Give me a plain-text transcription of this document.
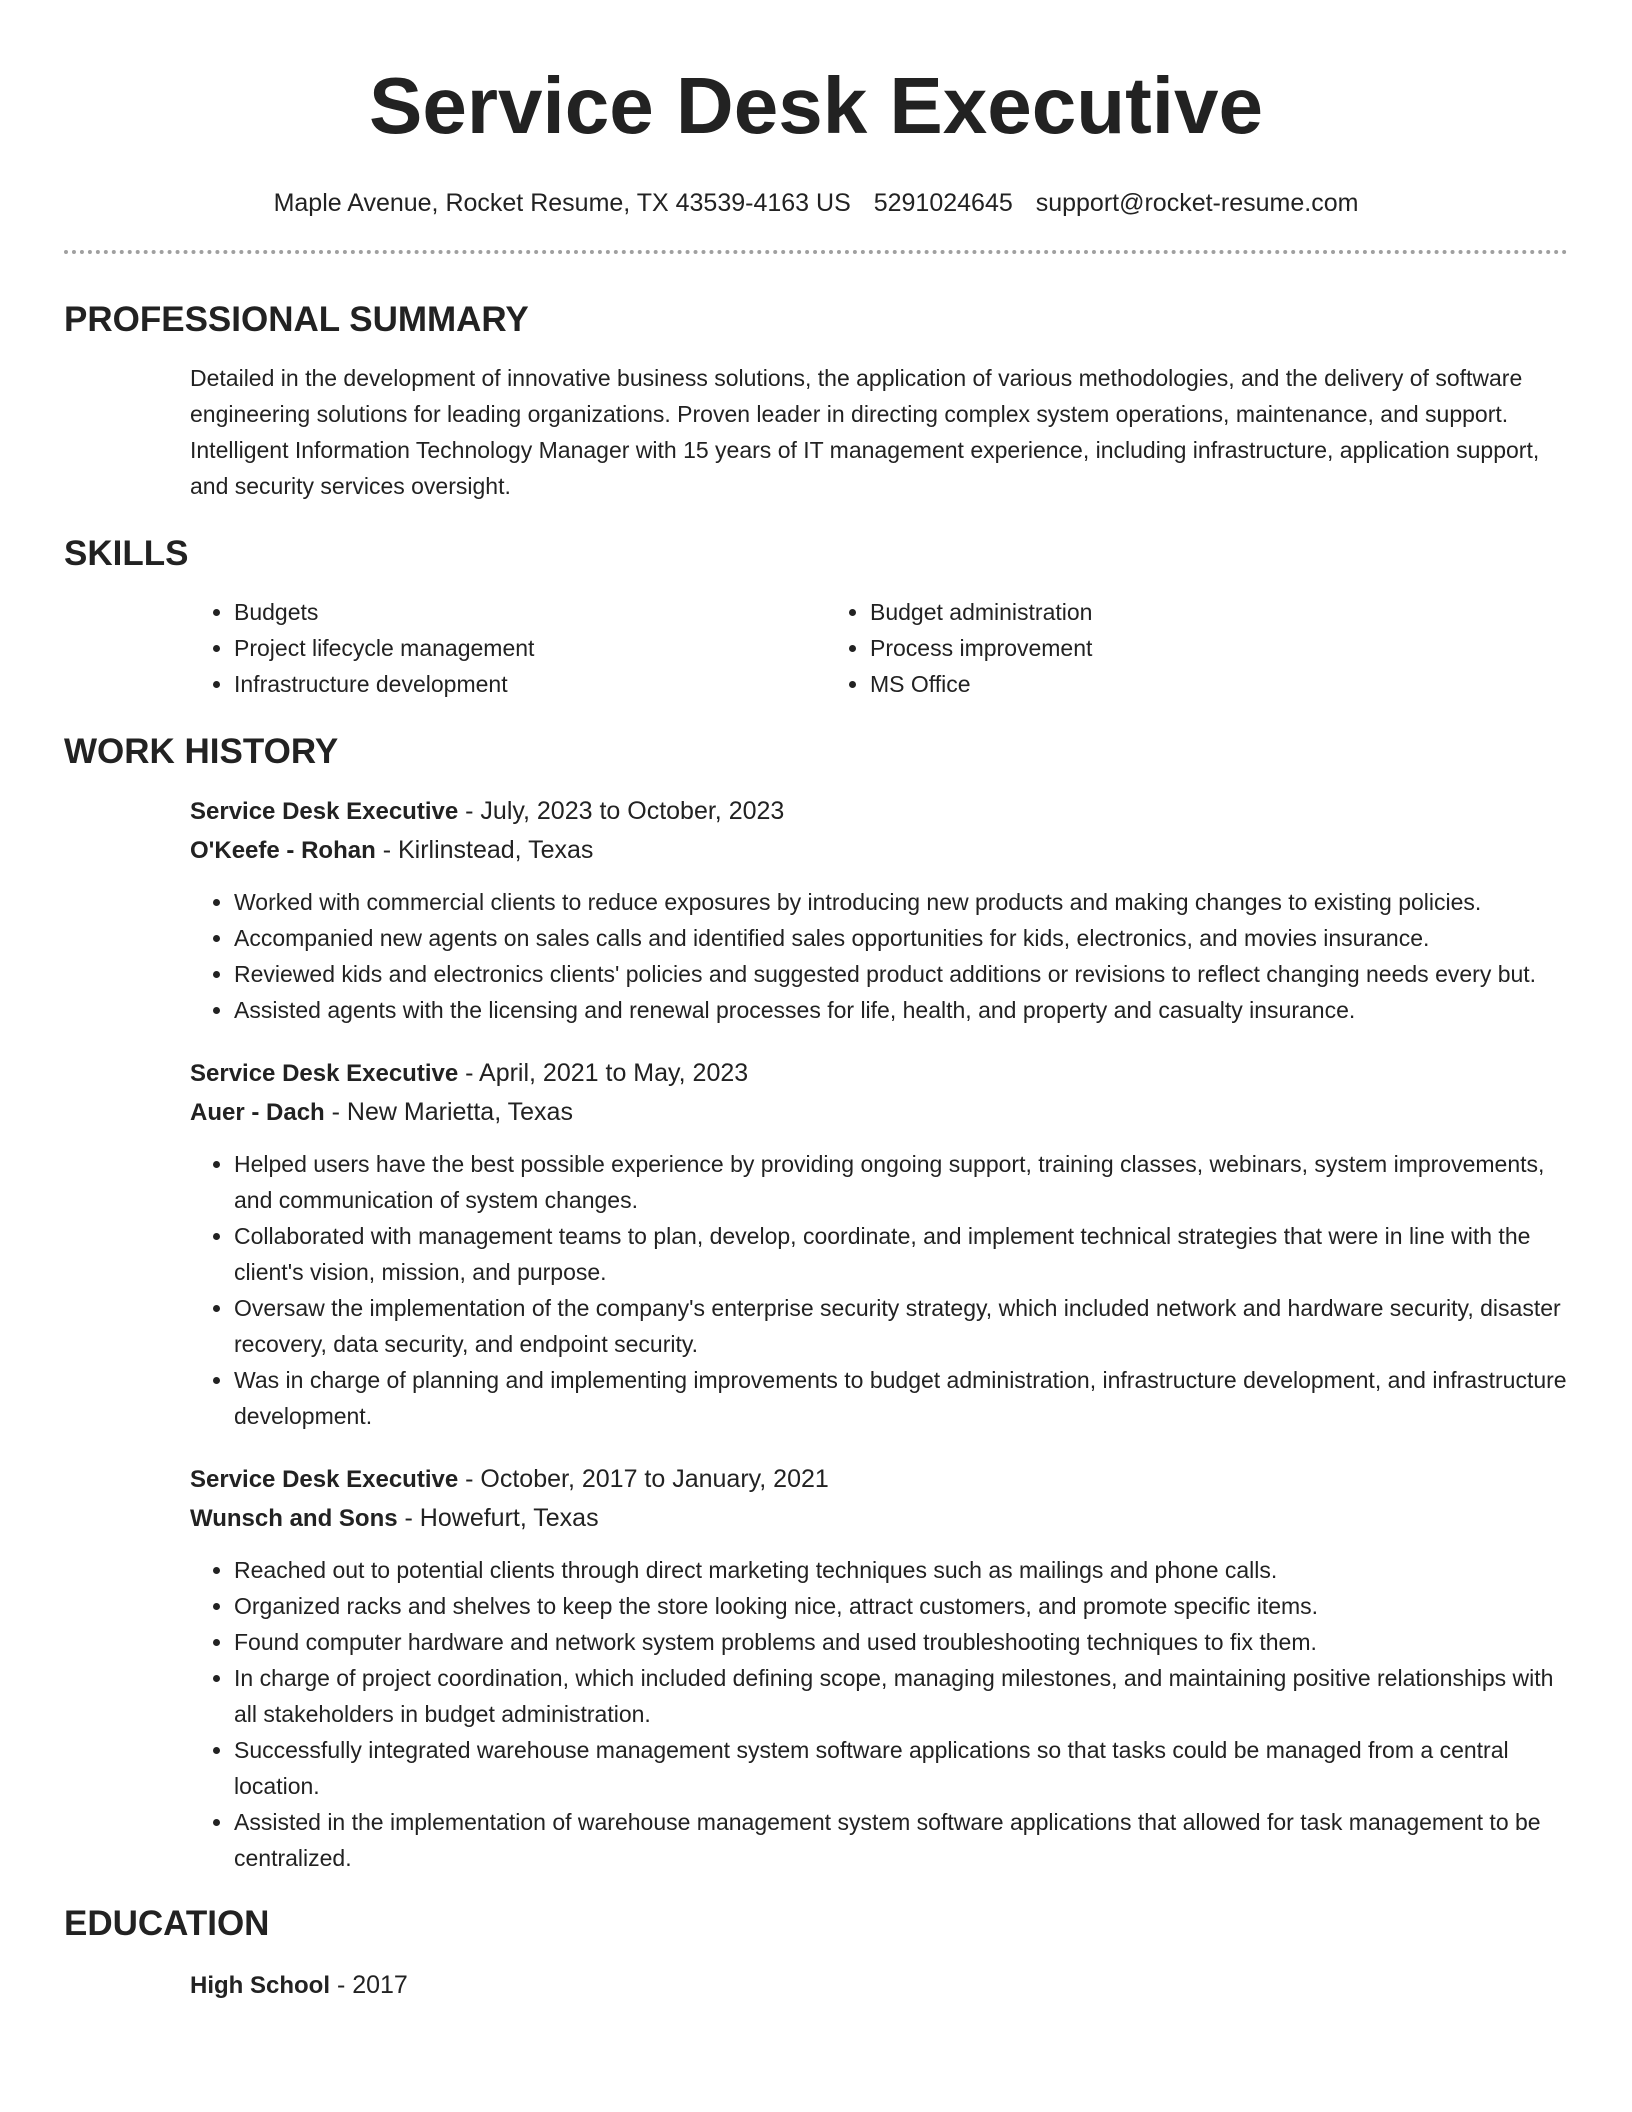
Service Desk Executive
Maple Avenue, Rocket Resume, TX 43539-4163 US 5291024645 support@rocket-resume.com
PROFESSIONAL SUMMARY
Detailed in the development of innovative business solutions, the application of various methodologies, and the delivery of software engineering solutions for leading organizations. Proven leader in directing complex system operations, maintenance, and support. Intelligent Information Technology Manager with 15 years of IT management experience, including infrastructure, application support, and security services oversight.
SKILLS
• Budgets
• Project lifecycle management
• Infrastructure development
• Budget administration
• Process improvement
• MS Office
WORK HISTORY
Service Desk Executive - July, 2023 to October, 2023
O'Keefe - Rohan - Kirlinstead, Texas
• Worked with commercial clients to reduce exposures by introducing new products and making changes to existing policies.
• Accompanied new agents on sales calls and identified sales opportunities for kids, electronics, and movies insurance.
• Reviewed kids and electronics clients' policies and suggested product additions or revisions to reflect changing needs every but.
• Assisted agents with the licensing and renewal processes for life, health, and property and casualty insurance.
Service Desk Executive - April, 2021 to May, 2023
Auer - Dach - New Marietta, Texas
• Helped users have the best possible experience by providing ongoing support, training classes, webinars, system improvements, and communication of system changes.
• Collaborated with management teams to plan, develop, coordinate, and implement technical strategies that were in line with the client's vision, mission, and purpose.
• Oversaw the implementation of the company's enterprise security strategy, which included network and hardware security, disaster recovery, data security, and endpoint security.
• Was in charge of planning and implementing improvements to budget administration, infrastructure development, and infrastructure development.
Service Desk Executive - October, 2017 to January, 2021
Wunsch and Sons - Howefurt, Texas
• Reached out to potential clients through direct marketing techniques such as mailings and phone calls.
• Organized racks and shelves to keep the store looking nice, attract customers, and promote specific items.
• Found computer hardware and network system problems and used troubleshooting techniques to fix them.
• In charge of project coordination, which included defining scope, managing milestones, and maintaining positive relationships with all stakeholders in budget administration.
• Successfully integrated warehouse management system software applications so that tasks could be managed from a central location.
• Assisted in the implementation of warehouse management system software applications that allowed for task management to be centralized.
EDUCATION
High School - 2017
